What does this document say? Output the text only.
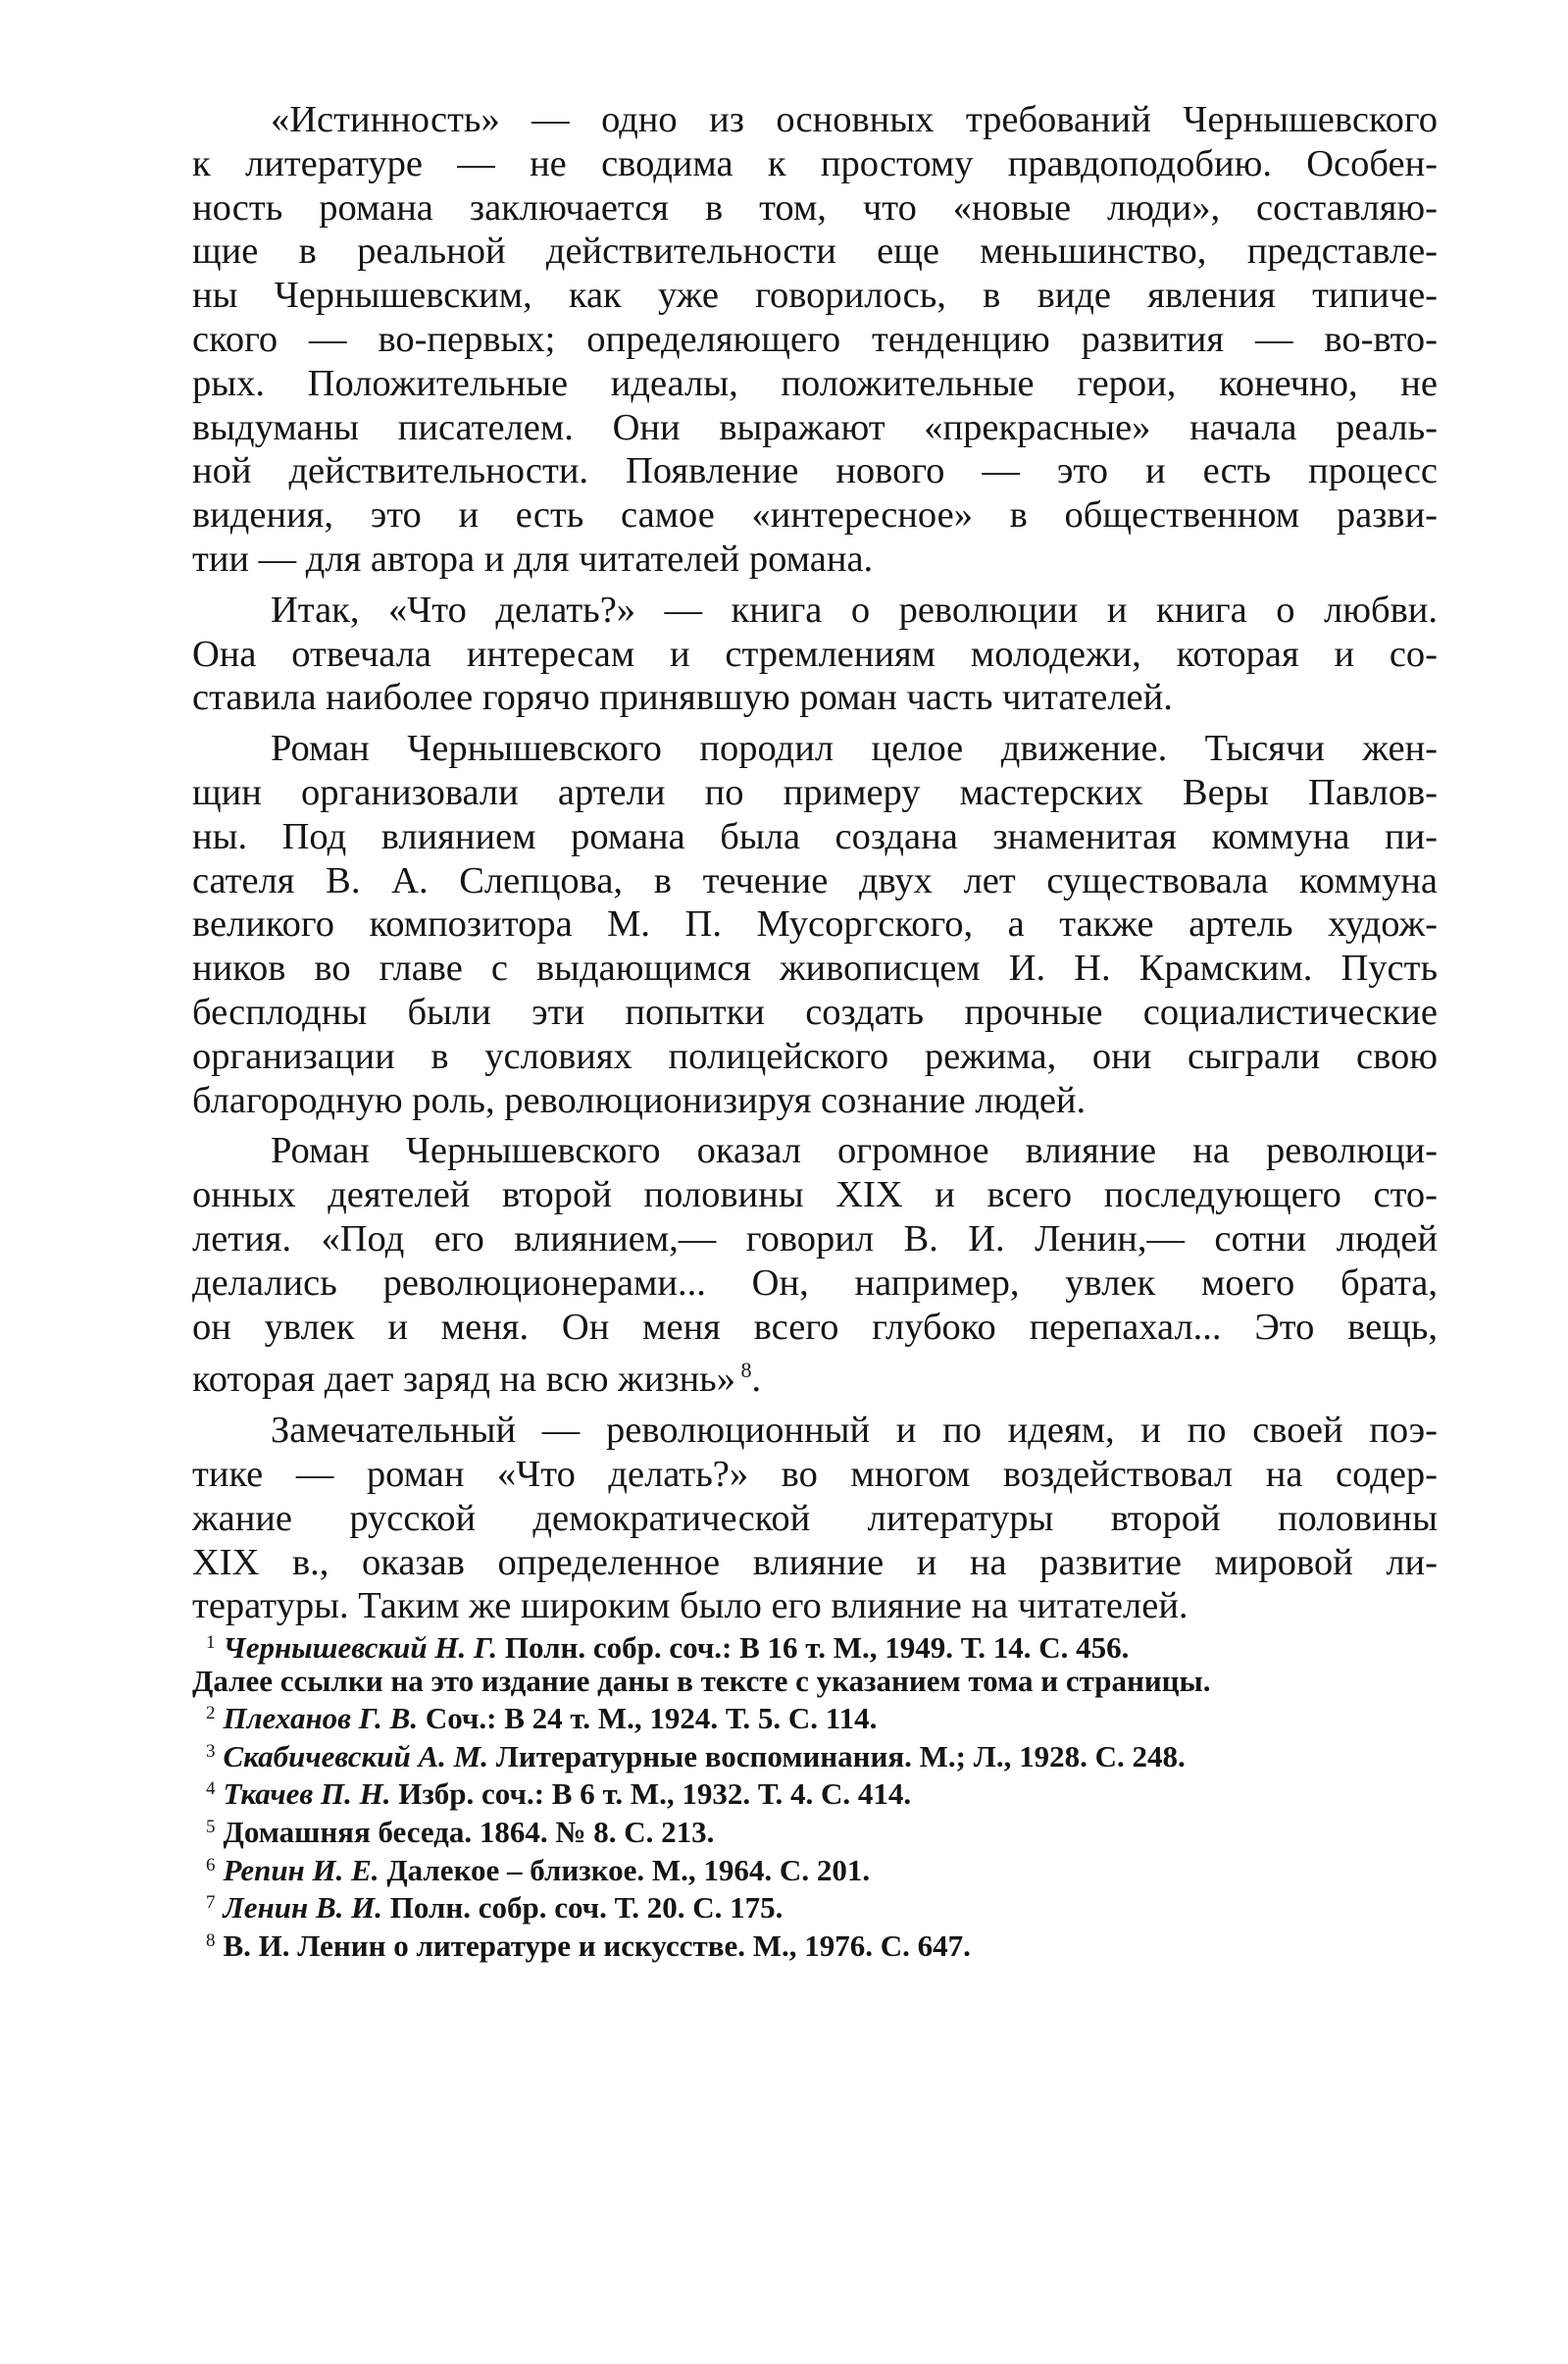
«Истинность» — одно из основных требований Чернышевского
к литературе — не сводима к простому правдоподобию. Особен-
ность романа заключается в том, что «новые люди», составляю-
щие в реальной действительности еще меньшинство, представле-
ны Чернышевским, как уже говорилось, в виде явления типиче-
ского — во-первых; определяющего тенденцию развития — во-вто-
рых. Положительные идеалы, положительные герои, конечно, не
выдуманы писателем. Они выражают «прекрасные» начала реаль-
ной действительности. Появление нового — это и есть процесс
видения, это и есть самое «интересное» в общественном разви-
тии — для автора и для читателей романа.
Итак, «Что делать?» — книга о революции и книга о любви.
Она отвечала интересам и стремлениям молодежи, которая и со-
ставила наиболее горячо принявшую роман часть читателей.
Роман Чернышевского породил целое движение. Тысячи жен-
щин организовали артели по примеру мастерских Веры Павлов-
ны. Под влиянием романа была создана знаменитая коммуна пи-
сателя В. А. Слепцова, в течение двух лет существовала коммуна
великого композитора М. П. Мусоргского, а также артель худож-
ников во главе с выдающимся живописцем И. Н. Крамским. Пусть
бесплодны были эти попытки создать прочные социалистические
организации в условиях полицейского режима, они сыграли свою
благородную роль, революционизируя сознание людей.
Роман Чернышевского оказал огромное влияние на революци-
онных деятелей второй половины XIX и всего последующего сто-
летия. «Под его влиянием,— говорил В. И. Ленин,— сотни людей
делались революционерами... Он, например, увлек моего брата,
он увлек и меня. Он меня всего глубоко перепахал... Это вещь,
которая дает заряд на всю жизнь» $^8$.
Замечательный — революционный и по идеям, и по своей поэ-
тике — роман «Что делать?» во многом воздействовал на содер-
жание русской демократической литературы второй половины
XIX в., оказав определенное влияние и на развитие мировой ли-
тературы. Таким же широким было его влияние на читателей.
1 Чернышевский Н. Г. Полн. собр. соч.: В 16 т. М., 1949. Т. 14. С. 456.
Далее ссылки на это издание даны в тексте с указанием тома и страницы.
2 Плеханов Г. В. Соч.: В 24 т. М., 1924. Т. 5. С. 114.
3 Скабичевский А. М. Литературные воспоминания. М.; Л., 1928. С. 248.
4 Ткачев П. Н. Избр. соч.: В 6 т. М., 1932. Т. 4. С. 414.
5 Домашняя беседа. 1864. № 8. С. 213.
6 Репин И. Е. Далекое – близкое. М., 1964. С. 201.
7 Ленин В. И. Полн. собр. соч. Т. 20. С. 175.
8 В. И. Ленин о литературе и искусстве. М., 1976. С. 647.
